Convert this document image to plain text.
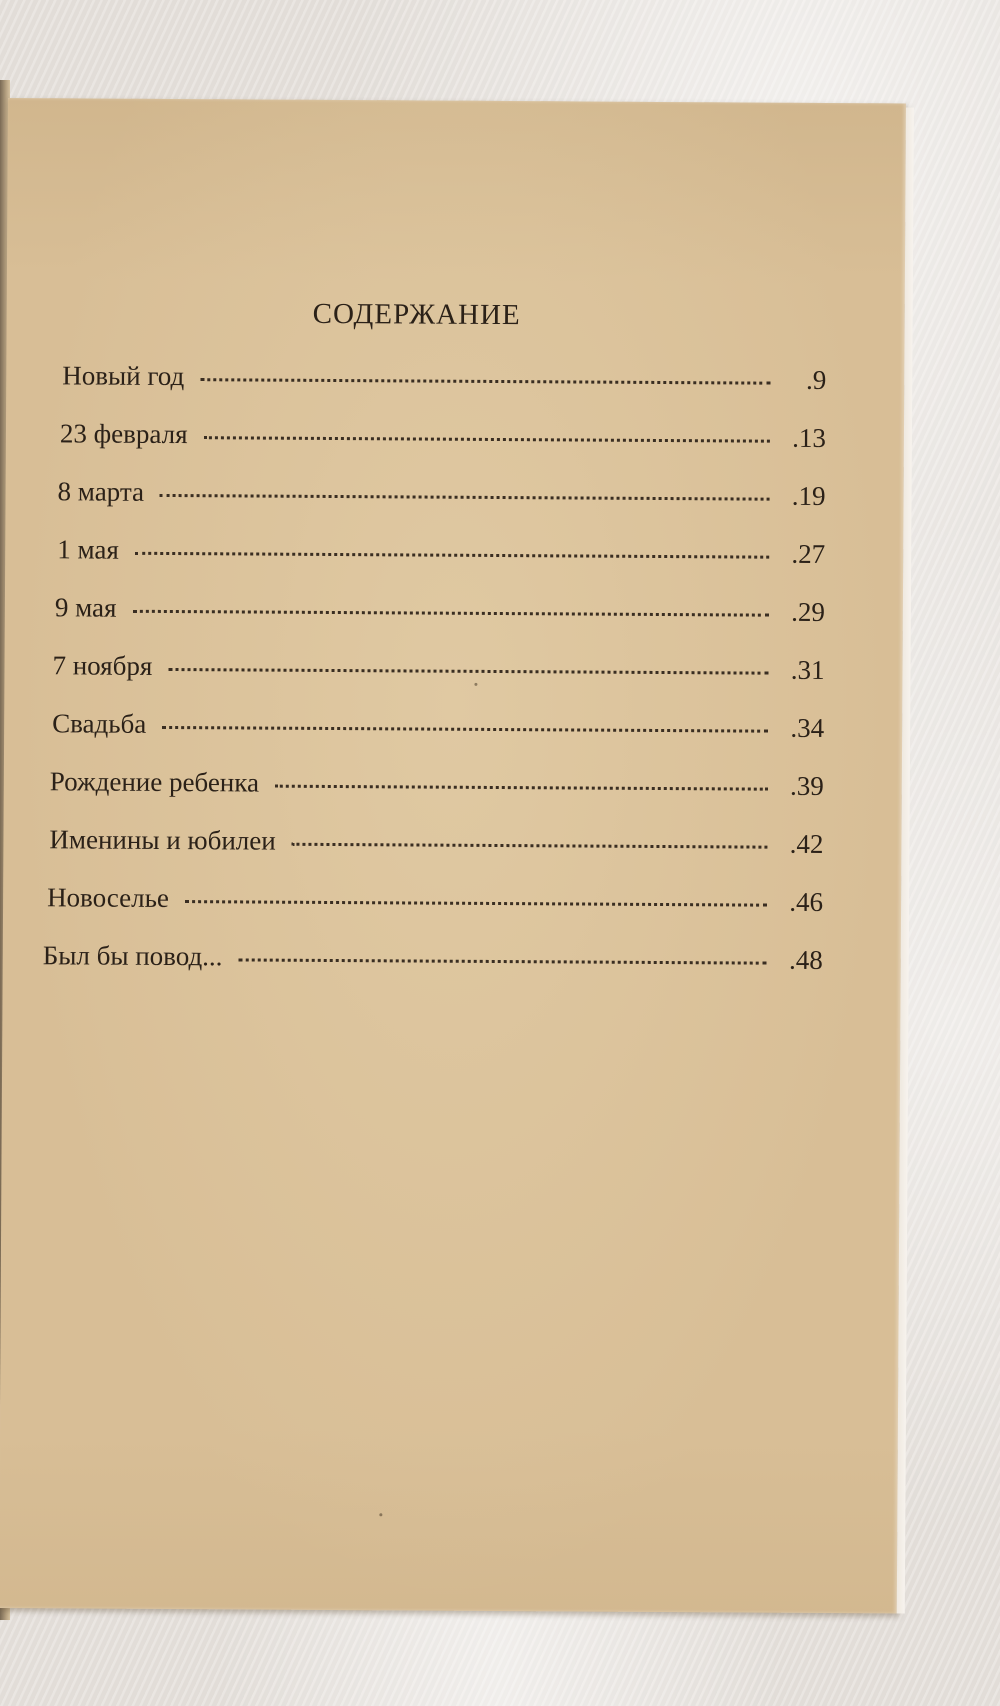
СОДЕРЖАНИЕ
Новый год	.9
23 февраля	.13
8 марта	.19
1 мая	.27
9 мая	.29
7 ноября	.31
Свадьба	.34
Рождение ребенка	.39
Именины и юбилеи	.42
Новоселье	.46
Был бы повод...	.48
